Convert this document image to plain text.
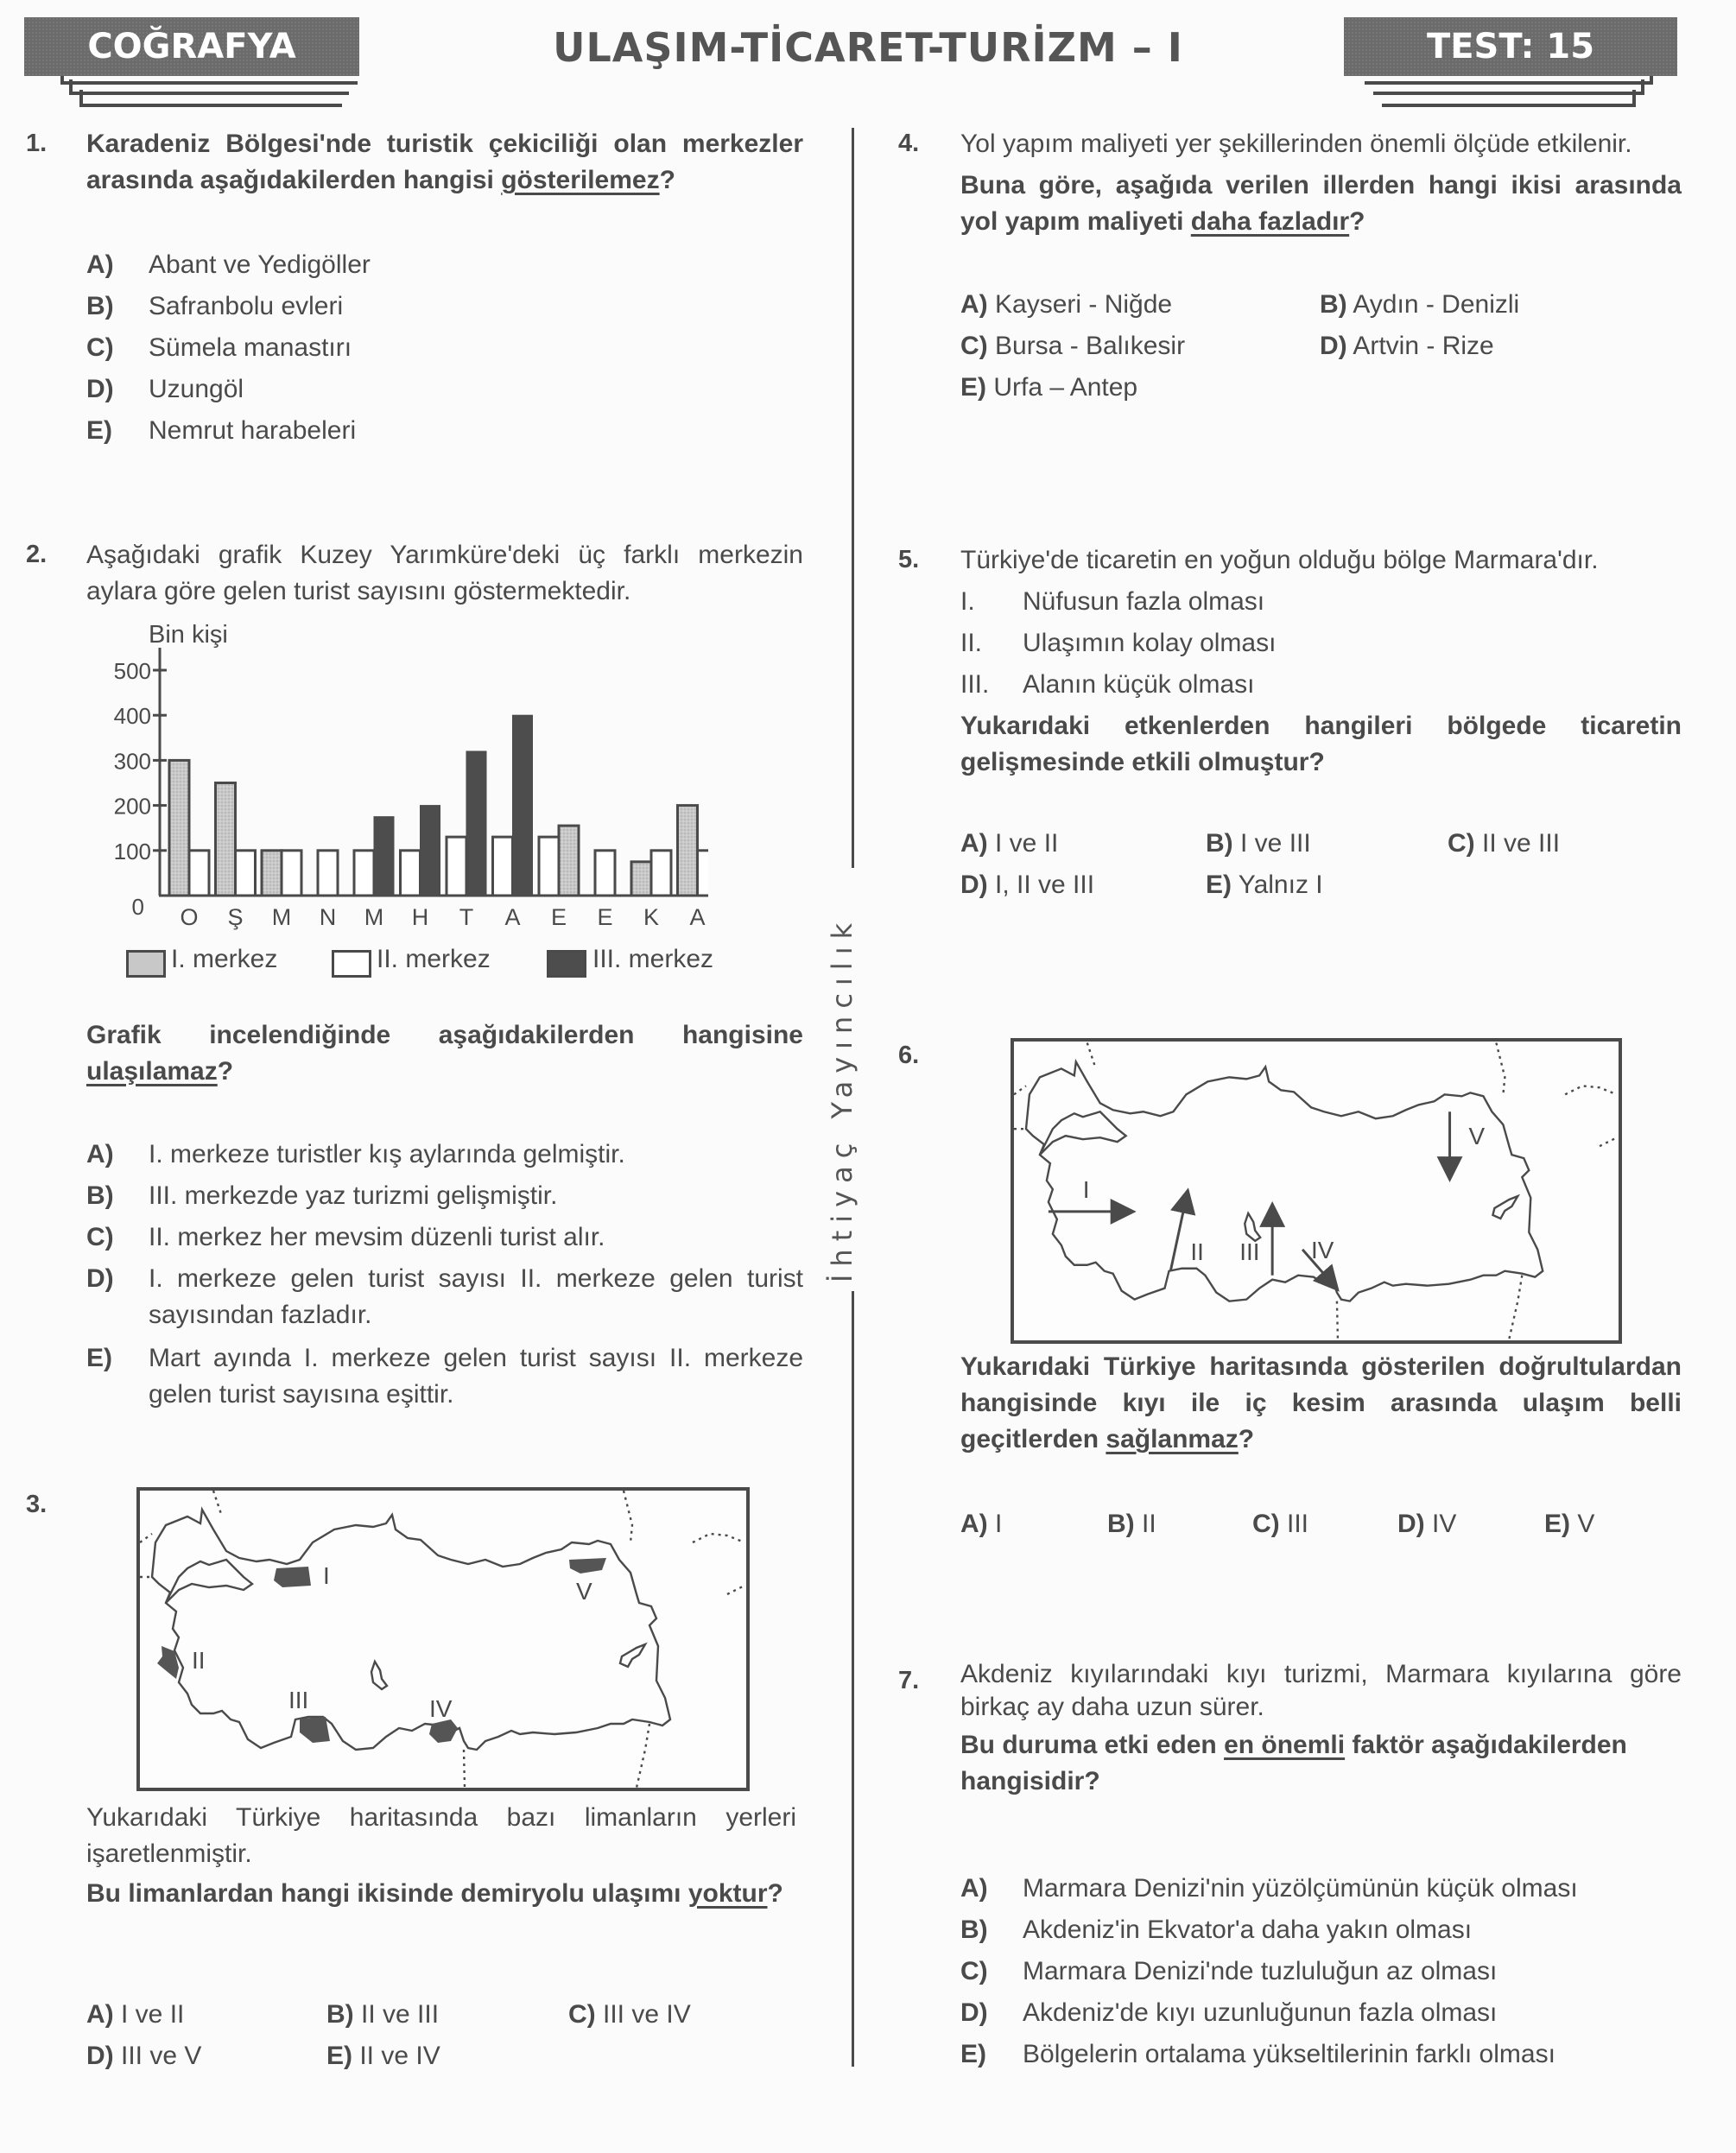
COĞRAFYA	ULAŞIM-TİCARET-TURİZM – I	TEST: 15
İhtiyaç Yayıncılık
1. Karadeniz Bölgesi'nde turistik çekiciliği olan merkezler arasında aşağıdakilerden hangisi gösterilemez?
A)	Abant ve Yedigöller
B)	Safranbolu evleri
C)	Sümela manastırı
D)	Uzungöl
E)	Nemrut harabeleri
2. Aşağıdaki grafik Kuzey Yarımküre'deki üç farklı merkezin aylara göre gelen turist sayısını göstermektedir.
Bin kişi
0
100
200
300
400
500
O Ş M N M H T A E E K A
I. merkez	II. merkez	III. merkez
Grafik incelendiğinde aşağıdakilerden hangisine ulaşılamaz?
A)	I. merkeze turistler kış aylarında gelmiştir.
B)	III. merkezde yaz turizmi gelişmiştir.
C)	II. merkez her mevsim düzenli turist alır.
D)	I. merkeze gelen turist sayısı II. merkeze gelen turist sayısından fazladır.
E)	Mart ayında I. merkeze gelen turist sayısı II. merkeze gelen turist sayısına eşittir.
3.
I
II
III	IV
V
Yukarıdaki Türkiye haritasında bazı limanların yerleri işaretlenmiştir.
Bu limanlardan hangi ikisinde demiryolu ulaşımı yoktur?
A) I ve II	B) II ve III	C) III ve IV
D) III ve V	E) II ve IV
4. Yol yapım maliyeti yer şekillerinden önemli ölçüde etkilenir.
Buna göre, aşağıda verilen illerden hangi ikisi arasında yol yapım maliyeti daha fazladır?
A) Kayseri - Niğde	B) Aydın - Denizli
C) Bursa - Balıkesir	D) Artvin - Rize
E) Urfa – Antep
5. Türkiye'de ticaretin en yoğun olduğu bölge Marmara'dır.
I.	Nüfusun fazla olması
II.	Ulaşımın kolay olması
III.	Alanın küçük olması
Yukarıdaki etkenlerden hangileri bölgede ticaretin gelişmesinde etkili olmuştur?
A) I ve II	B) I ve III	C) II ve III
D) I, II ve III	E) Yalnız I
6.
I
II III IV
V
Yukarıdaki Türkiye haritasında gösterilen doğrultulardan hangisinde kıyı ile iç kesim arasında ulaşım belli geçitlerden sağlanmaz?
A) I	B) II	C) III	D) IV	E) V
7. Akdeniz kıyılarındaki kıyı turizmi, Marmara kıyılarına göre birkaç ay daha uzun sürer.
Bu duruma etki eden en önemli faktör aşağıdakilerden hangisidir?
A)	Marmara Denizi'nin yüzölçümünün küçük olması
B)	Akdeniz'in Ekvator'a daha yakın olması
C)	Marmara Denizi'nde tuzluluğun az olması
D)	Akdeniz'de kıyı uzunluğunun fazla olması
E)	Bölgelerin ortalama yükseltilerinin farklı olması
